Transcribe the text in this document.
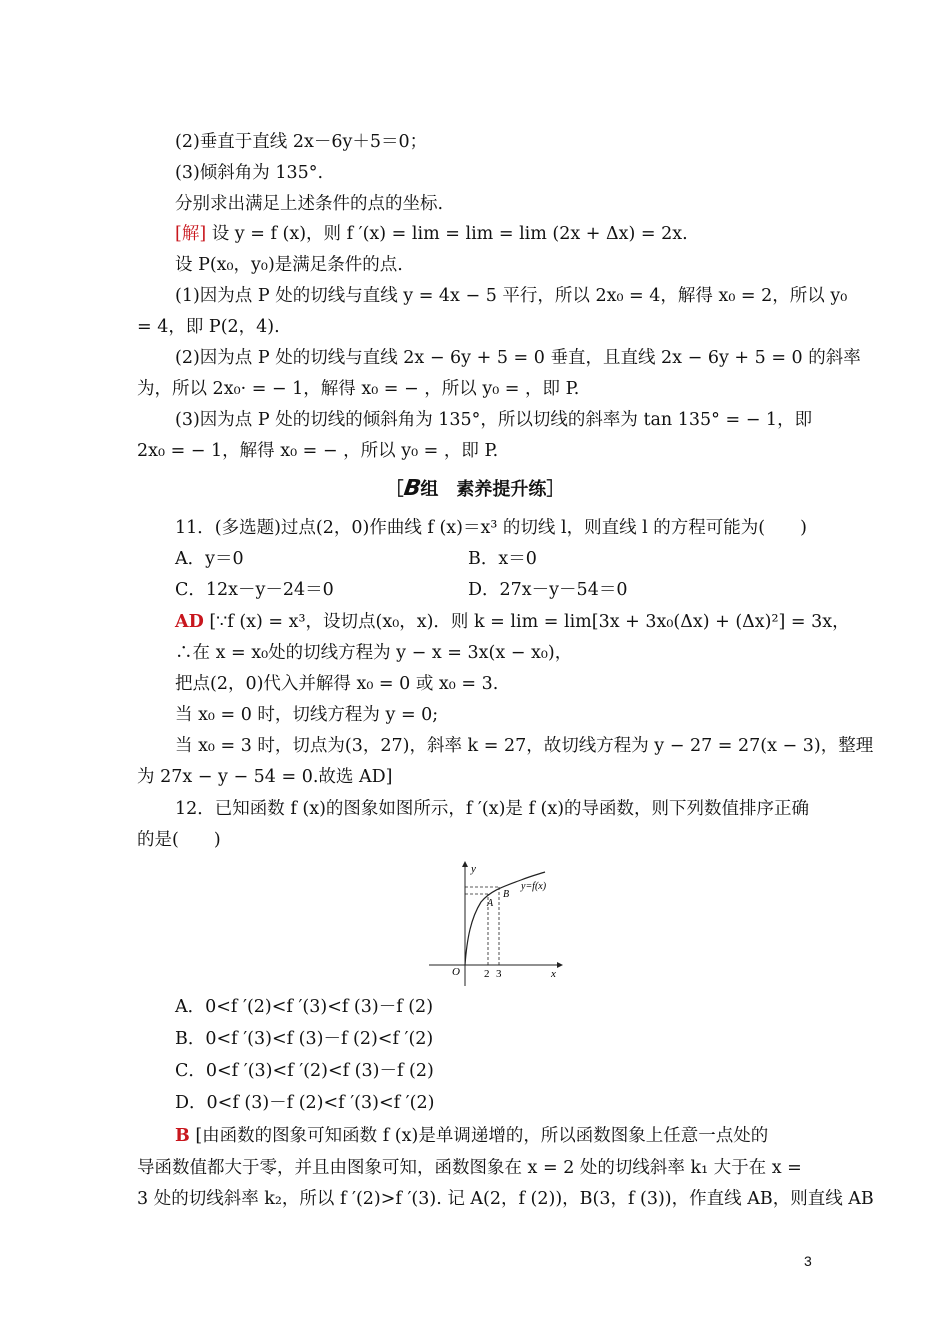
(2)垂直于直线 2x－6y＋5＝0；
(3)倾斜角为 135°.
分别求出满足上述条件的点的坐标.
[解] 设 y = f (x)，则 f ′(x) = lim = lim = lim (2x + Δx) = 2x.
设 P(x₀，y₀)是满足条件的点.
(1)因为点 P 处的切线与直线 y = 4x − 5 平行，所以 2x₀ = 4，解得 x₀ = 2，所以 y₀
= 4，即 P(2，4).
(2)因为点 P 处的切线与直线 2x − 6y + 5 = 0 垂直，且直线 2x − 6y + 5 = 0 的斜率
为，所以 2x₀· = − 1，解得 x₀ = − ，所以 y₀ = ，即 P.
(3)因为点 P 处的切线的倾斜角为 135°，所以切线的斜率为 tan 135° = − 1，即
2x₀ = − 1，解得 x₀ = − ，所以 y₀ = ，即 P.
11．(多选题)过点(2，0)作曲线 f (x)＝x³ 的切线 l，则直线 l 的方程可能为(　　)
A．y＝0	B．x＝0
C．12x－y－24＝0	D．27x－y－54＝0
AD [∵f (x) = x³，设切点(x₀，x)．则 k = lim = lim[3x + 3x₀(Δx) + (Δx)²] = 3x，
∴在 x = x₀处的切线方程为 y − x = 3x(x − x₀)，
把点(2，0)代入并解得 x₀ = 0 或 x₀ = 3.
当 x₀ = 0 时，切线方程为 y = 0;
当 x₀ = 3 时，切点为(3，27)，斜率 k = 27，故切线方程为 y − 27 = 27(x − 3)，整理
为 27x − y − 54 = 0.故选 AD]
12．已知函数 f (x)的图象如图所示，f ′(x)是 f (x)的导函数，则下列数值排序正确
的是(　　)
A．0<f ′(2)<f ′(3)<f (3)－f (2)
B．0<f ′(3)<f (3)－f (2)<f ′(2)
C．0<f ′(3)<f ′(2)<f (3)－f (2)
D．0<f (3)－f (2)<f ′(3)<f ′(2)
B [由函数的图象可知函数 f (x)是单调递增的，所以函数图象上任意一点处的
导函数值都大于零，并且由图象可知，函数图象在 x = 2 处的切线斜率 k₁ 大于在 x =
3 处的切线斜率 k₂，所以 f ′(2)>f ′(3). 记 A(2，f (2))，B(3，f (3))，作直线 AB，则直线 AB
［B组　素养提升练］
y
x
O 2 3
A
B
y=f(x)
3
